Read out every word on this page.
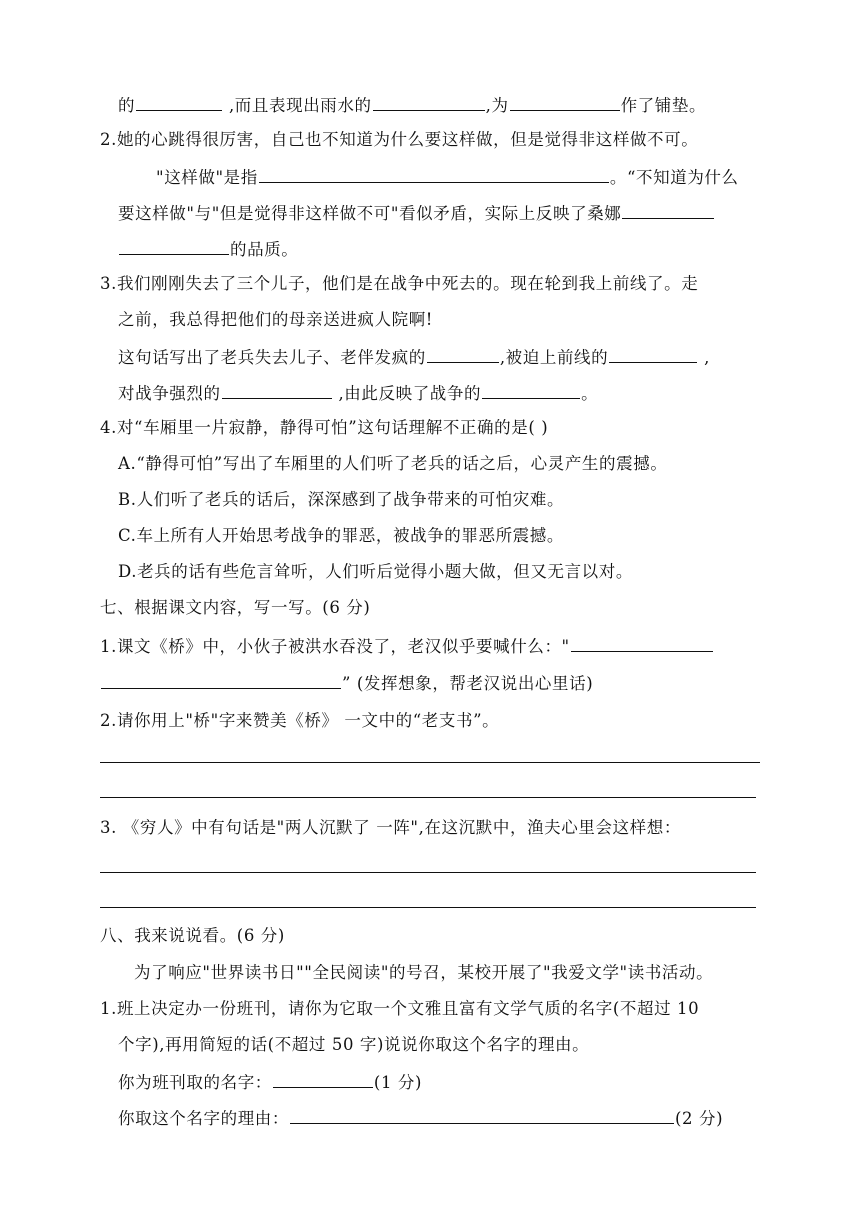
的	,而且表现出雨水的	,为	作了铺垫。
2.她的心跳得很厉害，自己也不知道为什么要这样做，但是觉得非这样做不可。
"这样做"是指	。“不知道为什么
要这样做"与"但是觉得非这样做不可"看似矛盾，实际上反映了桑娜
的品质。
3.我们刚刚失去了三个儿子，他们是在战争中死去的。现在轮到我上前线了。走
之前，我总得把他们的母亲送进疯人院啊!
这句话写出了老兵失去儿子、老伴发疯的	,被迫上前线的	,
对战争强烈的	,由此反映了战争的	。
4.对“车厢里一片寂静，静得可怕”这句话理解不正确的是( )
A.“静得可怕”写出了车厢里的人们听了老兵的话之后，心灵产生的震撼。
B.人们听了老兵的话后，深深感到了战争带来的可怕灾难。
C.车上所有人开始思考战争的罪恶，被战争的罪恶所震撼。
D.老兵的话有些危言耸听，人们听后觉得小题大做，但又无言以对。
七、根据课文内容，写一写。(6 分)
1.课文《桥》中，小伙子被洪水吞没了，老汉似乎要喊什么："
” (发挥想象，帮老汉说出心里话)
2.请你用上"桥"字来赞美《桥》 一文中的“老支书”。
3. 《穷人》中有句话是"两人沉默了 一阵",在这沉默中，渔夫心里会这样想：
八、我来说说看。(6 分)
为了响应"世界读书日""全民阅读"的号召，某校开展了"我爱文学"读书活动。
1.班上决定办一份班刊，请你为它取一个文雅且富有文学气质的名字(不超过 10
个字),再用简短的话(不超过 50 字)说说你取这个名字的理由。
你为班刊取的名字：	(1 分)
你取这个名字的理由：	(2 分)
